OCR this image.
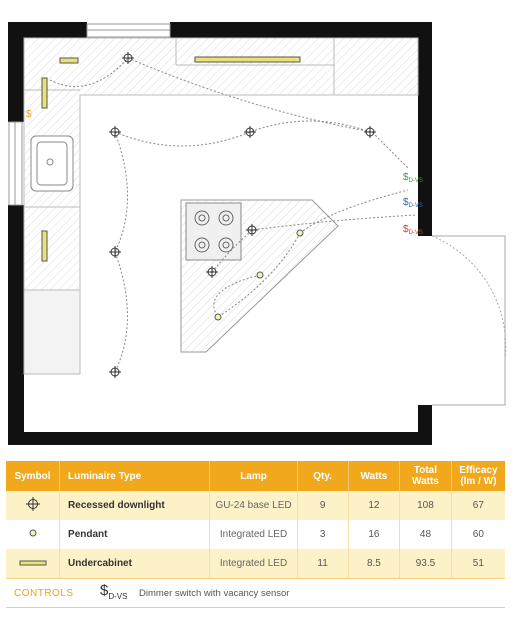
$
$\$_{D-VS}$
$\$_{D-VS}$
$\$_{D-VS}$
Symbol	Luminaire Type	Lamp	Qty.	Watts	Total Watts	Efficacy (lm / W)
	Recessed downlight	GU-24 base LED	9	12	108	67
	Pendant	Integrated LED	3	16	48	60
	Undercabinet	Integrated LED	11	8.5	93.5	51
CONTROLS $\$_{D-VS}$ Dimmer switch with vacancy sensor
